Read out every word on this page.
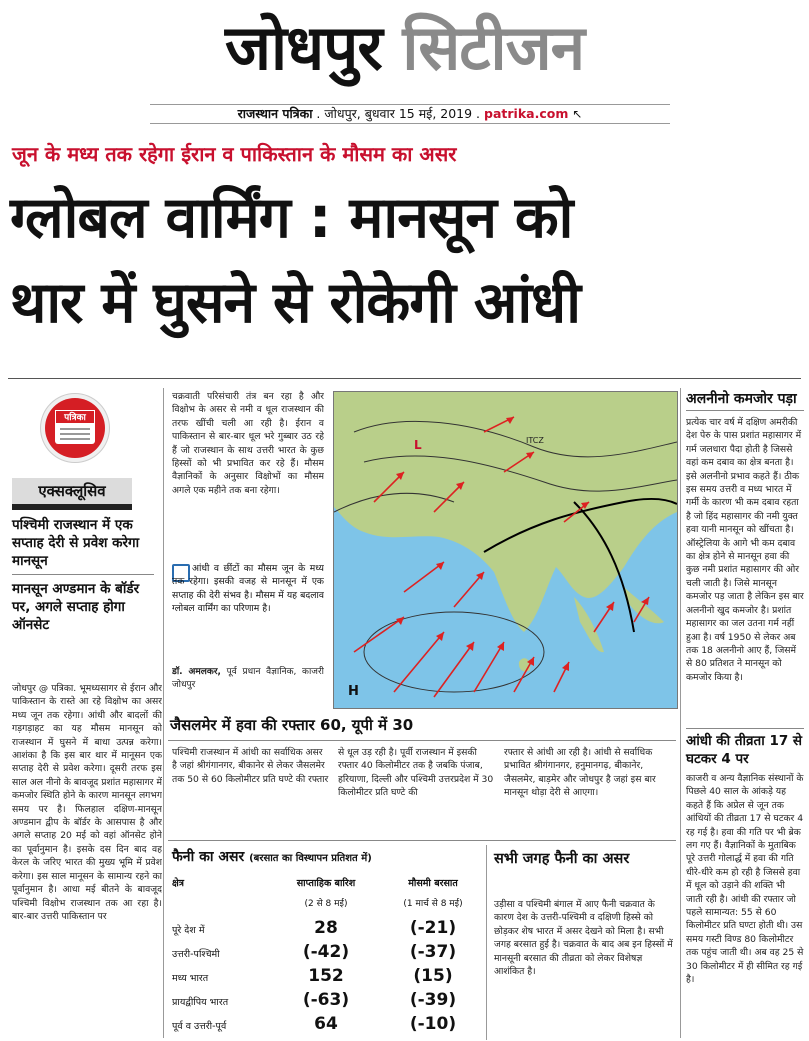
जोधपुर सिटीजन
राजस्थान पत्रिका . जोधपुर, बुधवार 15 मई, 2019 . patrika.com ↖
जून के मध्य तक रहेगा ईरान व पाकिस्तान के मौसम का असर
ग्लोबल वार्मिंग : मानसून को
थार में घुसने से रोकेगी आंधी
पत्रिका
एक्सक्लूसिव
पश्चिमी राजस्थान में एक सप्ताह देरी से प्रवेश करेगा मानसून
मानसून अण्डमान के बॉर्डर पर, अगले सप्ताह होगा ऑनसेट
जोधपुर @ पत्रिका. भूमध्यसागर से ईरान और पाकिस्तान के रास्ते आ रहे विक्षोभ का असर मध्य जून तक रहेगा। आंधी और बादलों की गड़गड़ाहट का यह मौसम मानसून को राजस्थान में घुसने में बाधा उत्पन्न करेगा। आशंका है कि इस बार थार में मानूसन एक सप्ताह देरी से प्रवेश करेगा। दूसरी तरफ इस साल अल नीनो के बावजूद प्रशांत महासागर में कमजोर स्थिति होने के कारण मानसून लगभग समय पर है। फिलहाल दक्षिण-मानसून अण्डमान द्वीप के बॉर्डर के आसपास है और अगले सप्ताह 20 मई को वहां ऑनसेट होने का पूर्वानुमान है। इसके दस दिन बाद वह केरल के जरिए भारत की मुख्य भूमि में प्रवेश करेगा। इस साल मानूसन के सामान्य रहने का पूर्वानुमान है। आधा मई बीतने के बावजूद पश्चिमी विक्षोभ राजस्थान तक आ रहा है। बार-बार उत्तरी पाकिस्तान पर
चक्रवाती परिसंचारी तंत्र बन रहा है और विक्षोभ के असर से नमी व धूल राजस्थान की तरफ खींची चली आ रही है। ईरान व पाकिस्तान से बार-बार धूल भरे गुब्बार उठ रहे हैं जो राजस्थान के साथ उत्तरी भारत के कुछ हिस्सों को भी प्रभावित कर रहे हैं। मौसम वैज्ञानिकों के अनुसार विक्षोभों का मौसम अगले एक महीने तक बना रहेगा।
आंधी व छींटों का मौसम जून के मध्य तक रहेगा। इसकी वजह से मानसून में एक सप्ताह की देरी संभव है। मौसम में यह बदलाव ग्लोबल वार्मिंग का परिणाम है।
डॉ. अमलकर, पूर्व प्रधान वैज्ञानिक, काजरी जोधपुर	H
L	ITCZ
जैसलमेर में हवा की रफ्तार 60, यूपी में 30
पश्चिमी राजस्थान में आंधी का सर्वाधिक असर है जहां श्रीगंगानगर, बीकानेर से लेकर जैसलमेर तक 50 से 60 किलोमीटर प्रति घण्टे की रफ्तार
से धूल उड़ रही है। पूर्वी राजस्थान में इसकी रफ्तार 40 किलोमीटर तक है जबकि पंजाब, हरियाणा, दिल्ली और पश्चिमी उत्तरप्रदेश में 30 किलोमीटर प्रति घण्टे की
रफ्तार से आंधी आ रही है। आंधी से सर्वाधिक प्रभावित श्रीगंगानगर, हनुमानगढ़, बीकानेर, जैसलमेर, बाड़मेर और जोधपुर है जहां इस बार मानसून थोड़ा देरी से आएगा।
फैनी का असर (बरसात का विस्थापन प्रतिशत में)
क्षेत्र	साप्ताहिक बारिश	मौसमी बरसात
(2 से 8 मई)	(1 मार्च से 8 मई)
पूरे देश में	28	(-21)
उत्तरी-पश्चिमी	(-42)	(-37)
मध्य भारत	152	(15)
प्रायद्वीपिय भारत	(-63)	(-39)
पूर्व व उत्तरी-पूर्व	64	(-10)
सभी जगह फैनी का असर
उड़ीसा व पश्चिमी बंगाल में आए फैनी चक्रवात के कारण देश के उत्तरी-पश्चिमी व दक्षिणी हिस्से को छोड़कर शेष भारत में असर देखने को मिला है। सभी जगह बरसात हुई है। चक्रवात के बाद अब इन हिस्सों में मानसूनी बरसात की तीव्रता को लेकर विशेषज्ञ आशंकित है।
अलनीनो कमजोर पड़ा
प्रत्येक चार वर्ष में दक्षिण अमरीकी देश पेरु के पास प्रशांत महासागर में गर्म जलधारा पैदा होती है जिससे वहां कम दबाव का क्षेत्र बनता है। इसे अलनीनो प्रभाव कहते हैं। ठीक इस समय उत्तरी व मध्य भारत में गर्मी के कारण भी कम दबाव रहता है जो हिंद महासागर की नमी युक्त हवा यानी मानसून को खींचता है। ऑस्ट्रेलिया के आगे भी कम दबाव का क्षेत्र होने से मानसून हवा की कुछ नमी प्रशांत महासागर की ओर चली जाती है। जिसे मानसून कमजोर पड़ जाता है लेकिन इस बार अलनीनो खुद कमजोर है। प्रशांत महासागर का जल उतना गर्म नहीं हुआ है। वर्ष 1950 से लेकर अब तक 18 अलनीनो आए हैं, जिसमें से 80 प्रतिशत ने मानसून को कमजोर किया है।
आंधी की तीव्रता 17 से घटकर 4 पर
काजरी व अन्य वैज्ञानिक संस्थानों के पिछले 40 साल के आंकड़े यह कहते हैं कि अप्रेल से जून तक आंधियों की तीव्रता 17 से घटकर 4 रह गई है। हवा की गति पर भी ब्रेक लग गए हैं। वैज्ञानिकों के मुताबिक पूरे उत्तरी गोलार्द्ध में हवा की गति धीरे-धीरे कम हो रही है जिससे हवा में धूल को उड़ाने की शक्ति भी जाती रही है। आंधी की रफ्तार जो पहले सामान्यत: 55 से 60 किलोमीटर प्रति घण्टा होती थी। उस समय गस्टी विण्ड 80 किलोमीटर तक पहुंच जाती थी। अब वह 25 से 30 किलोमीटर में ही सीमित रह गई है।
